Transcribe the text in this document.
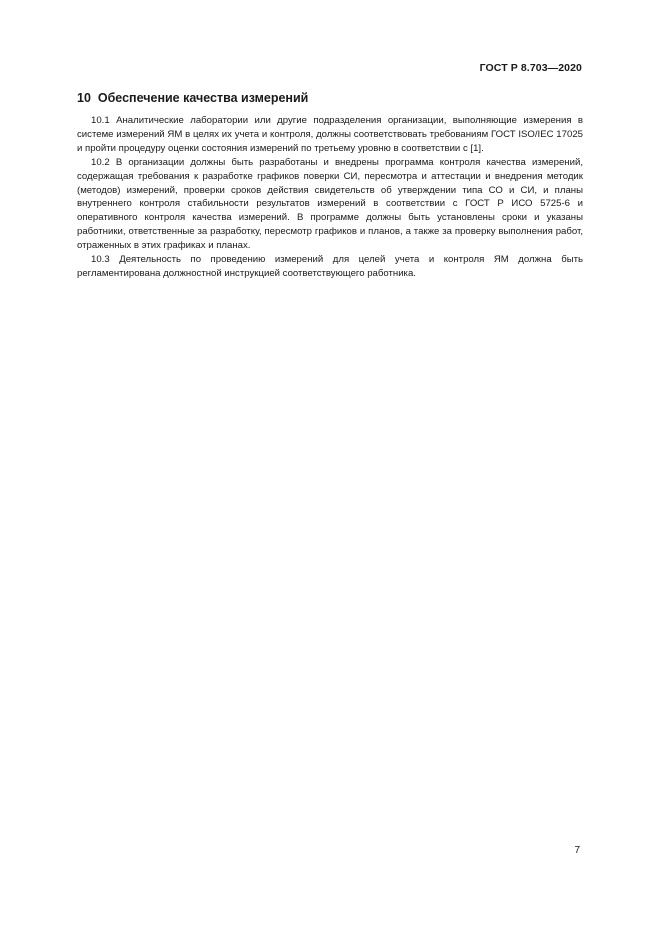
ГОСТ Р 8.703—2020
10 Обеспечение качества измерений

10.1 Аналитические лаборатории или другие подразделения организации, выполняющие измерения в системе измерений ЯМ в целях их учета и контроля, должны соответствовать требованиям ГОСТ ISO/IEC 17025 и пройти процедуру оценки состояния измерений по третьему уровню в соответствии с [1].

10.2 В организации должны быть разработаны и внедрены программа контроля качества измерений, содержащая требования к разработке графиков поверки СИ, пересмотра и аттестации и внедрения методик (методов) измерений, проверки сроков действия свидетельств об утверждении типа СО и СИ, и планы внутреннего контроля стабильности результатов измерений в соответствии с ГОСТ Р ИСО 5725-6 и оперативного контроля качества измерений. В программе должны быть установлены сроки и указаны работники, ответственные за разработку, пересмотр графиков и планов, а также за проверку выполнения работ, отраженных в этих графиках и планах.

10.3 Деятельность по проведению измерений для целей учета и контроля ЯМ должна быть регламентирована должностной инструкцией соответствующего работника.

7
